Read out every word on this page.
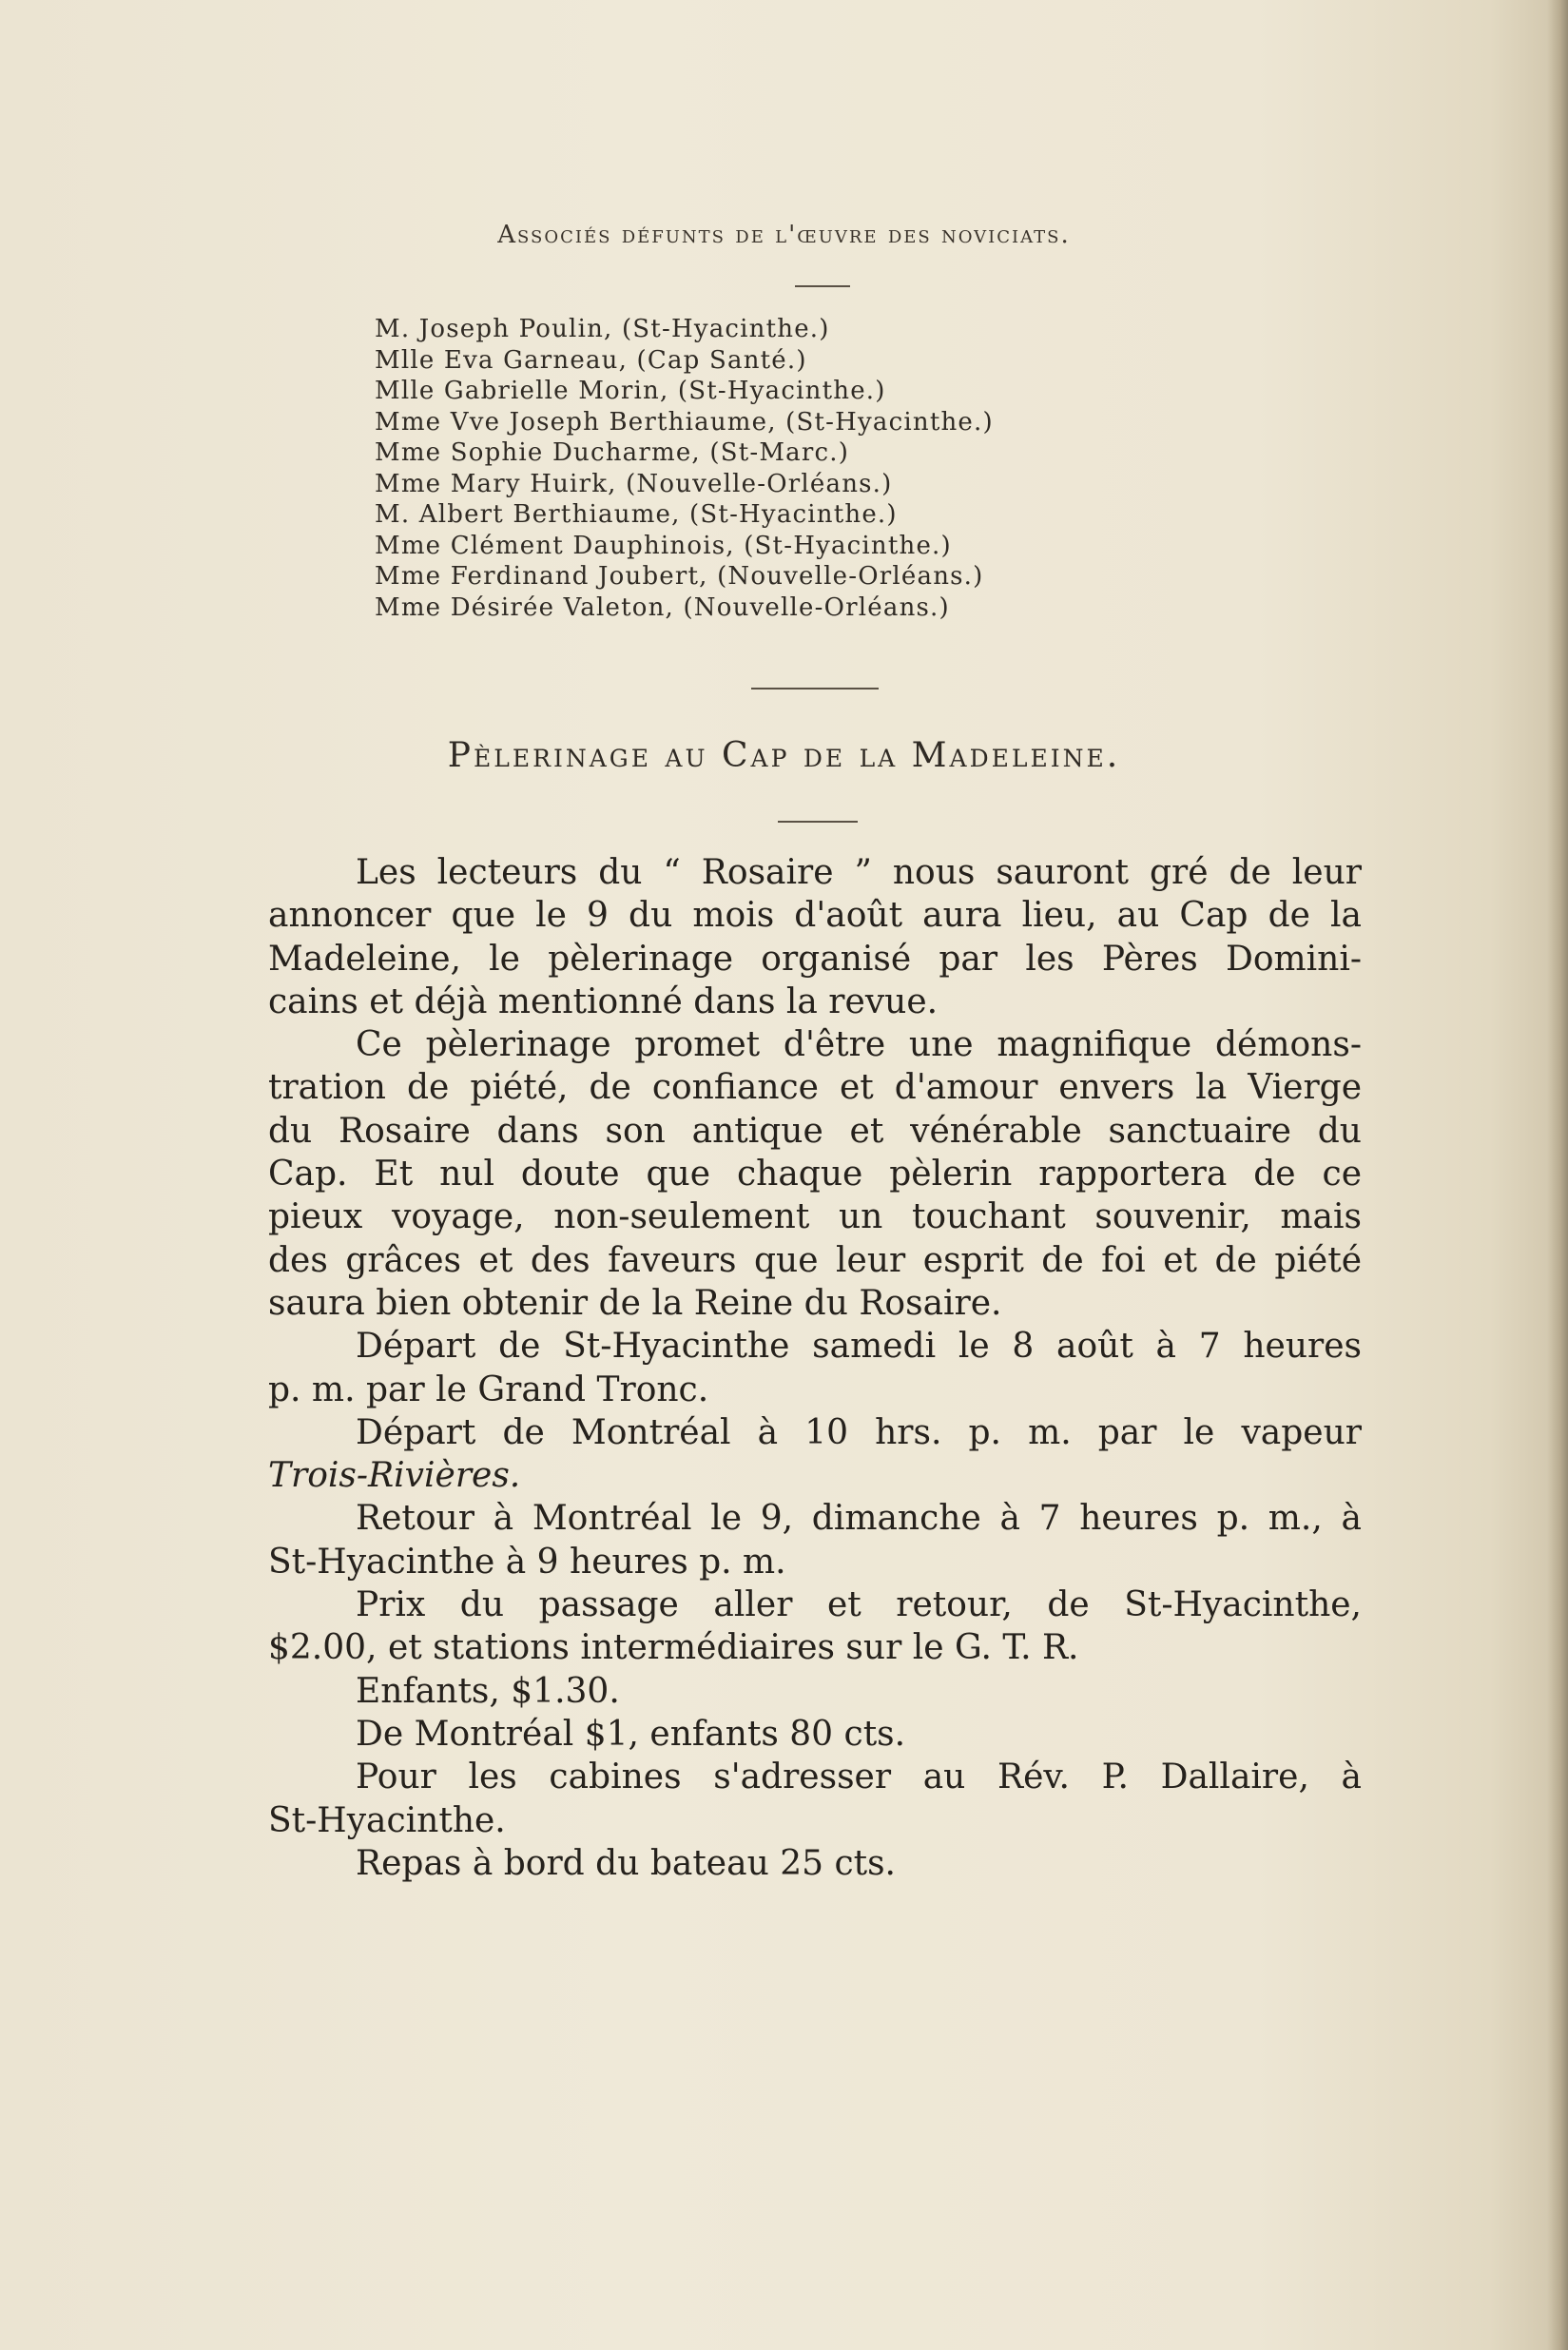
Associés défunts de l'œuvre des noviciats.
M. Joseph Poulin, (St-Hyacinthe.)
Mlle Eva Garneau, (Cap Santé.)
Mlle Gabrielle Morin, (St-Hyacinthe.)
Mme Vve Joseph Berthiaume, (St-Hyacinthe.)
Mme Sophie Ducharme, (St-Marc.)
Mme Mary Huirk, (Nouvelle-Orléans.)
M. Albert Berthiaume, (St-Hyacinthe.)
Mme Clément Dauphinois, (St-Hyacinthe.)
Mme Ferdinand Joubert, (Nouvelle-Orléans.)
Mme Désirée Valeton, (Nouvelle-Orléans.)
Pèlerinage au Cap de la Madeleine.
Les lecteurs du “ Rosaire ” nous sauront gré de leur
annoncer que le 9 du mois d'août aura lieu, au Cap de la
Madeleine, le pèlerinage organisé par les Pères Domini-
cains et déjà mentionné dans la revue.
Ce pèlerinage promet d'être une magnifique démons-
tration de piété, de confiance et d'amour envers la Vierge
du Rosaire dans son antique et vénérable sanctuaire du
Cap. Et nul doute que chaque pèlerin rapportera de ce
pieux voyage, non-seulement un touchant souvenir, mais
des grâces et des faveurs que leur esprit de foi et de piété
saura bien obtenir de la Reine du Rosaire.
Départ de St-Hyacinthe samedi le 8 août à 7 heures
p. m. par le Grand Tronc.
Départ de Montréal à 10 hrs. p. m. par le vapeur
Trois-Rivières.
Retour à Montréal le 9, dimanche à 7 heures p. m., à
St-Hyacinthe à 9 heures p. m.
Prix du passage aller et retour, de St-Hyacinthe,
$2.00, et stations intermédiaires sur le G. T. R.
Enfants, $1.30.
De Montréal $1, enfants 80 cts.
Pour les cabines s'adresser au Rév. P. Dallaire, à
St-Hyacinthe.
Repas à bord du bateau 25 cts.
